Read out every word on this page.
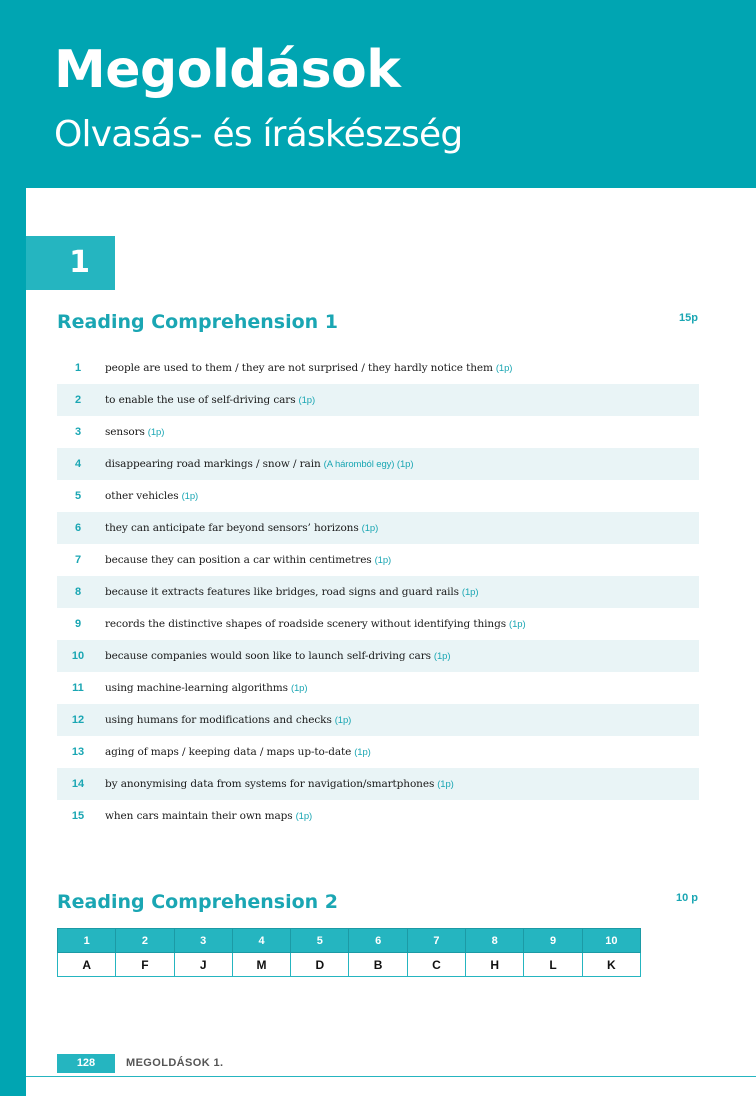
Megoldások
Olvasás- és íráskészség
1
Reading Comprehension 1	15p
1	people are used to them / they are not surprised / they hardly notice them (1p)
2	to enable the use of self-driving cars (1p)
3	sensors (1p)
4	disappearing road markings / snow / rain (A háromból egy) (1p)
5	other vehicles (1p)
6	they can anticipate far beyond sensors’ horizons (1p)
7	because they can position a car within centimetres (1p)
8	because it extracts features like bridges, road signs and guard rails (1p)
9	records the distinctive shapes of roadside scenery without identifying things (1p)
10	because companies would soon like to launch self-driving cars (1p)
11	using machine-learning algorithms (1p)
12	using humans for modifications and checks (1p)
13	aging of maps / keeping data / maps up-to-date (1p)
14	by anonymising data from systems for navigation/smartphones (1p)
15	when cars maintain their own maps (1p)
Reading Comprehension 2	10 p
1	2	3	4	5	6	7	8	9	10
A	F	J	M	D	B	C	H	L	K
128	MEGOLDÁSOK 1.
